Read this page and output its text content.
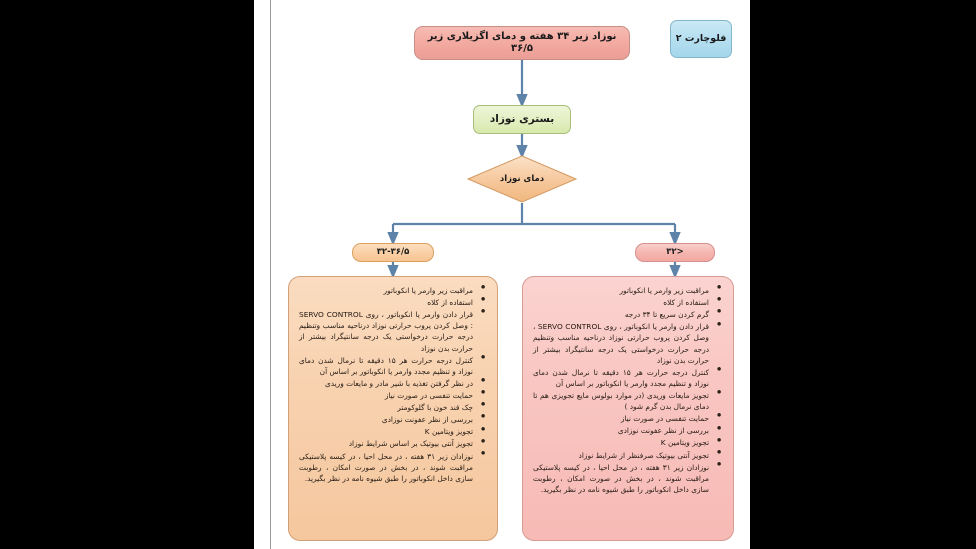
فلوچارت ۲
نوزاد زیر ۳۴ هفته و دمای اگزیلاری زیر ۳۶/۵
بستری نوزاد
دمای نوزاد
۳۲-۳۶/۵	<۳۲
● مراقبت زیر وارمر یا انکوباتور
● استفاده از کلاه
● قرار دادن وارمر یا انکوباتور ، روی SERVO CONTROL : وصل کردن پروب حرارتی نوزاد درناحیه مناسب وتنظیم درجه حرارت درخواستی یک درجه سانتیگراد بیشتر از حرارت بدن نوزاد
● کنترل درجه حرارت هر ۱۵ دقیقه تا نرمال شدن دمای نوزاد و تنظیم مجدد وارمر یا انکوباتور بر اساس آن
● در نظر گرفتن تغذیه با شیر مادر و مایعات وریدی
● حمایت تنفسی در صورت نیاز
● چک قند خون با گلوکومتر
● بررسی از نظر عفونت نوزادی
● تجویز ویتامین K
● تجویز آنتی بیوتیک بر اساس شرایط نوزاد
● نوزادان زیر ۳۱ هفته ، در محل احیا ، در کیسه پلاستیکی مراقبت شوند ، در بخش در صورت امکان ، رطوبت سازی داخل انکوباتور را طبق شیوه نامه در نظر بگیرید.
● مراقبت زیر وارمر یا انکوباتور
● استفاده از کلاه
● گرم کردن سریع تا ۳۴ درجه
● قرار دادن وارمر یا انکوباتور ، روی SERVO CONTROL ، وصل کردن پروب حرارتی نوزاد درناحیه مناسب وتنظیم درجه حرارت درخواستی یک درجه سانتیگراد بیشتر از حرارت بدن نوزاد
● کنترل درجه حرارت هر ۱۵ دقیقه تا نرمال شدن دمای نوزاد و تنظیم مجدد وارمر یا انکوباتور بر اساس آن
● تجویز مایعات وریدی (در موارد بولوس مایع تجویزی هم تا دمای نرمال بدن گرم شود )
● حمایت تنفسی در صورت نیاز
● بررسی از نظر عفونت نوزادی
● تجویز ویتامین K
● تجویز آنتی بیوتیک صرفنظر از شرایط نوزاد
● نوزادان زیر ۳۱ هفته ، در محل احیا ، در کیسه پلاستیکی مراقبت شوند ، در بخش در صورت امکان ، رطوبت سازی داخل انکوباتور را طبق شیوه نامه در نظر بگیرید.
